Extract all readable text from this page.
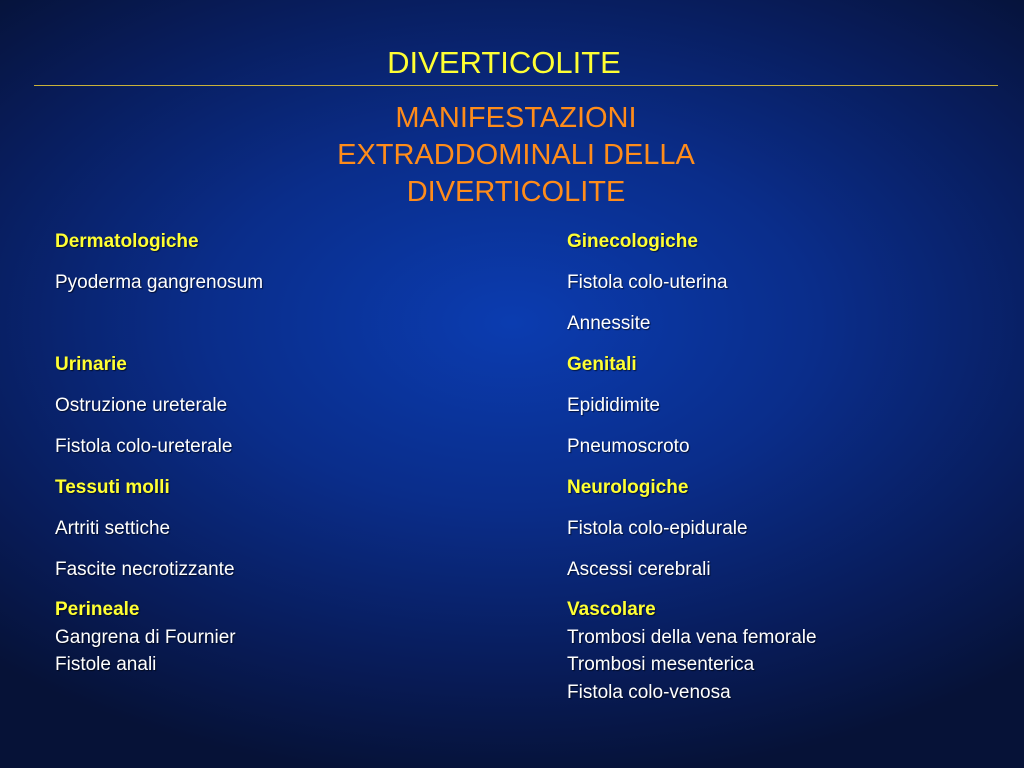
DIVERTICOLITE
MANIFESTAZIONI
EXTRADDOMINALI DELLA
DIVERTICOLITE
Dermatologiche
Pyoderma gangrenosum
Urinarie
Ostruzione ureterale
Fistola colo-ureterale
Tessuti molli
Artriti settiche
Fascite necrotizzante
Perineale
Gangrena di Fournier
Fistole anali
Ginecologiche
Fistola colo-uterina
Annessite
Genitali
Epididimite
Pneumoscroto
Neurologiche
Fistola colo-epidurale
Ascessi cerebrali
Vascolare
Trombosi della vena femorale
Trombosi mesenterica
Fistola colo-venosa
